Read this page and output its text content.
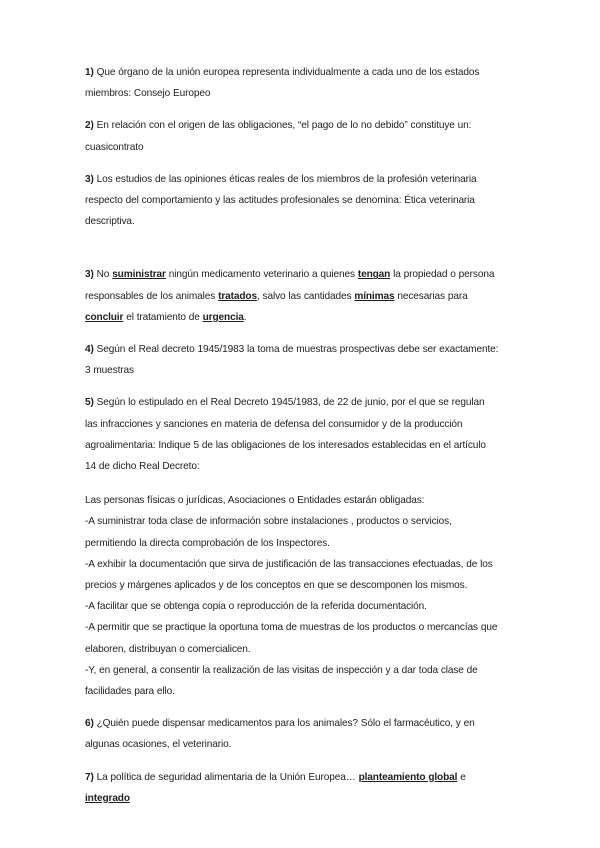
1) Que órgano de la unión europea representa individualmente a cada uno de los estados miembros: Consejo Europeo

2) En relación con el origen de las obligaciones, “el pago de lo no debido” constituye un: cuasicontrato

3) Los estudios de las opiniones éticas reales de los miembros de la profesión veterinaria respecto del comportamiento y las actitudes profesionales se denomina: Ética veterinaria descriptiva.

3) No suministrar ningún medicamento veterinario a quienes tengan la propiedad o persona responsables de los animales tratados, salvo las cantidades mínimas necesarias para concluir el tratamiento de urgencia.

4) Según el Real decreto 1945/1983 la toma de muestras prospectivas debe ser exactamente: 3 muestras

5) Según lo estipulado en el Real Decreto 1945/1983, de 22 de junio, por el que se regulan las infracciones y sanciones en materia de defensa del consumidor y de la producción agroalimentaria: Indique 5 de las obligaciones de los interesados establecidas en el artículo 14 de dicho Real Decreto:

Las personas físicas o jurídicas, Asociaciones o Entidades estarán obligadas:

-A suministrar toda clase de información sobre instalaciones , productos o servicios, permitiendo la directa comprobación de los Inspectores.

-A exhibir la documentación que sirva de justificación de las transacciones efectuadas, de los precios y márgenes aplicados y de los conceptos en que se descomponen los mismos.

-A facilitar que se obtenga copia o reproducción de la referida documentación.

-A permitir que se practique la oportuna toma de muestras de los productos o mercancías que elaboren, distribuyan o comercialicen.

-Y, en general, a consentir la realización de las visitas de inspección y a dar toda clase de facilidades para ello.

6) ¿Quién puede dispensar medicamentos para los animales? Sólo el farmacéutico, y en algunas ocasiones, el veterinario.

7) La política de seguridad alimentaria de la Unión Europea… planteamiento global e integrado
